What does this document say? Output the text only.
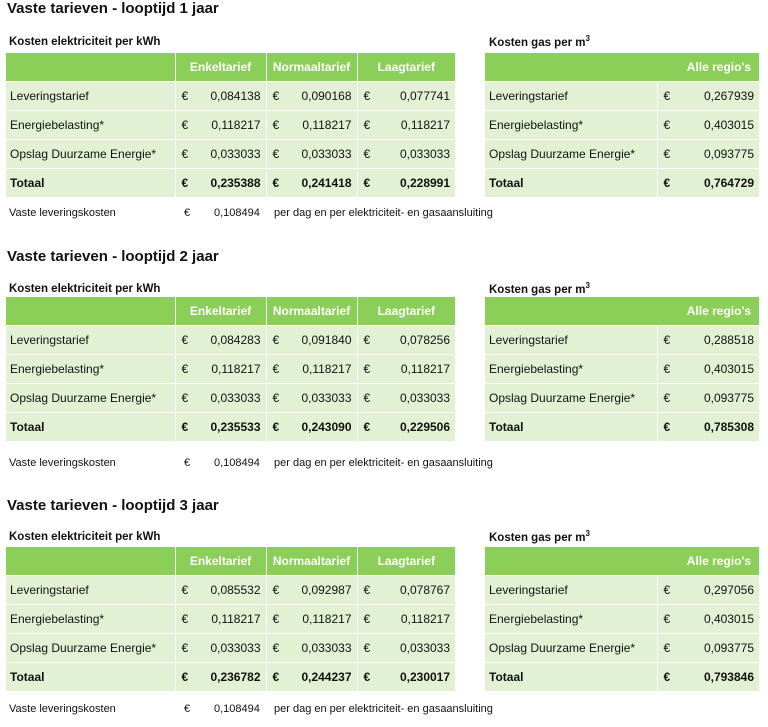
Vaste tarieven - looptijd 1 jaar
Kosten elektriciteit per kWh	Kosten gas per $m^3$
	Enkeltarief		Normaaltarief		Laagtarief	
Leveringstarief	€	0,084138	€	0,090168	€	0,077741
Energiebelasting*	€	0,118217	€	0,118217	€	0,118217
Opslag Duurzame Energie*	€	0,033033	€	0,033033	€	0,033033
Totaal	€	0,235388	€	0,241418	€	0,228991
	Alle regio's	
Leveringstarief	€	0,267939
Energiebelasting*	€	0,403015
Opslag Duurzame Energie*	€	0,093775
Totaal	€	0,764729
Vaste leveringskosten	€ 0,108494 per dag en per elektriciteit- en gasaansluiting
Vaste tarieven - looptijd 2 jaar
Kosten elektriciteit per kWh	Kosten gas per $m^3$
	Enkeltarief		Normaaltarief		Laagtarief	
Leveringstarief	€	0,084283	€	0,091840	€	0,078256
Energiebelasting*	€	0,118217	€	0,118217	€	0,118217
Opslag Duurzame Energie*	€	0,033033	€	0,033033	€	0,033033
Totaal	€	0,235533	€	0,243090	€	0,229506
	Alle regio's	
Leveringstarief	€	0,288518
Energiebelasting*	€	0,403015
Opslag Duurzame Energie*	€	0,093775
Totaal	€	0,785308
Vaste leveringskosten	€ 0,108494 per dag en per elektriciteit- en gasaansluiting
Vaste tarieven - looptijd 3 jaar
Kosten elektriciteit per kWh	Kosten gas per $m^3$
	Enkeltarief		Normaaltarief		Laagtarief	
Leveringstarief	€	0,085532	€	0,092987	€	0,078767
Energiebelasting*	€	0,118217	€	0,118217	€	0,118217
Opslag Duurzame Energie*	€	0,033033	€	0,033033	€	0,033033
Totaal	€	0,236782	€	0,244237	€	0,230017
	Alle regio's	
Leveringstarief	€	0,297056
Energiebelasting*	€	0,403015
Opslag Duurzame Energie*	€	0,093775
Totaal	€	0,793846
Vaste leveringskosten	€ 0,108494 per dag en per elektriciteit- en gasaansluiting
